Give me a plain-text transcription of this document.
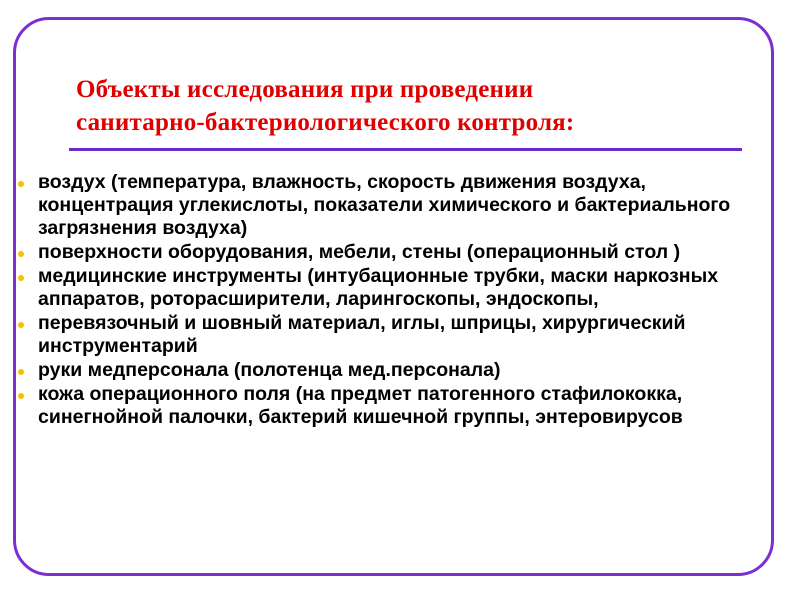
Объекты исследования при проведении
санитарно-бактериологического контроля:
воздух (температура, влажность, скорость движения воздуха, концентрация углекислоты, показатели химического и бактериального загрязнения воздуха)
поверхности оборудования, мебели, стены (операционный стол )
медицинские инструменты (интубационные трубки, маски наркозных аппаратов, роторасширители, ларингоскопы, эндоскопы,
перевязочный и шовный материал, иглы, шприцы, хирургический инструментарий
руки медперсонала (полотенца мед.персонала)
кожа операционного поля (на предмет патогенного стафилококка, синегнойной палочки, бактерий кишечной группы, энтеровирусов
